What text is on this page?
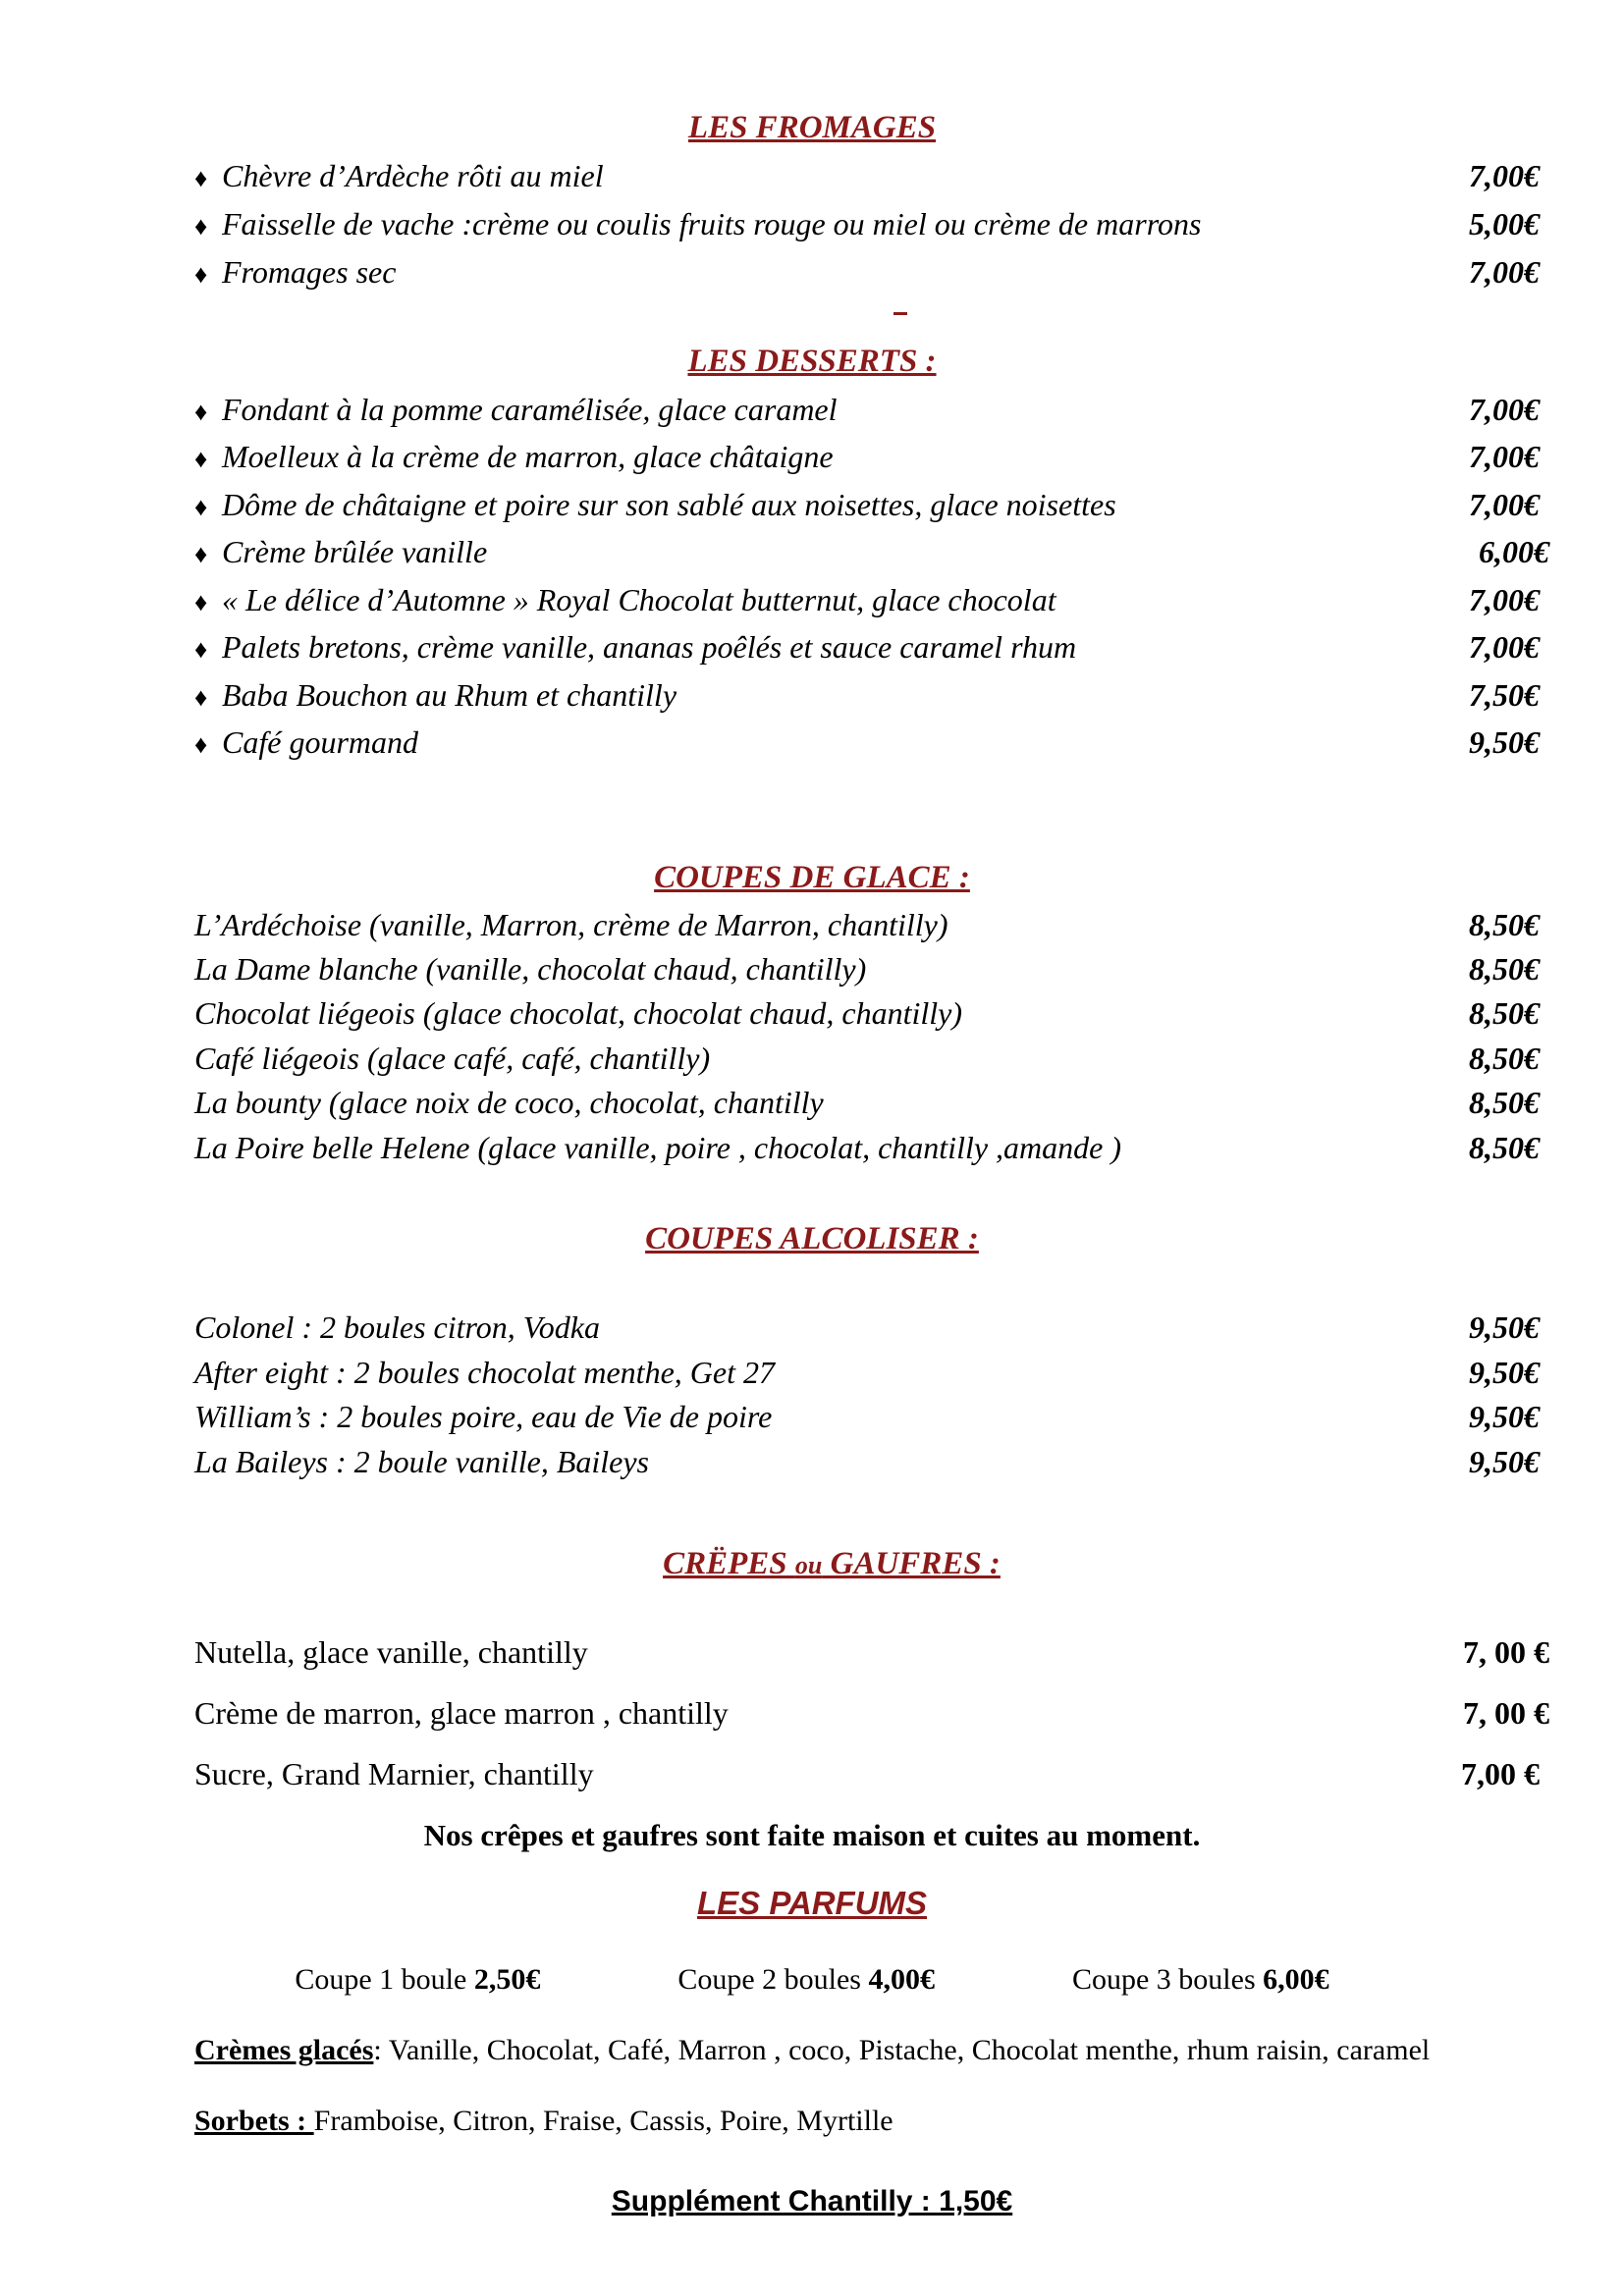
LES FROMAGES
♦Chèvre d’Ardèche rôti au miel	7,00€
♦ Faisselle de vache :crème ou coulis fruits rouge ou miel ou crème de marrons	5,00€
♦ Fromages sec	7,00€
LES DESSERTS :
♦ Fondant à la pomme caramélisée, glace caramel	7,00€
♦ Moelleux à la crème de marron, glace châtaigne	7,00€
♦ Dôme de châtaigne et poire sur son sablé aux noisettes, glace noisettes	7,00€
♦ Crème brûlée vanille	6,00€
♦ « Le délice d’Automne » Royal Chocolat butternut, glace chocolat	7,00€
♦ Palets bretons, crème vanille, ananas poêlés et sauce caramel rhum	7,00€
♦ Baba Bouchon au Rhum et chantilly	7,50€
♦ Café gourmand	9,50€
COUPES DE GLACE :
L’Ardéchoise (vanille, Marron, crème de Marron, chantilly)	8,50€
La Dame blanche (vanille, chocolat chaud, chantilly)	8,50€
Chocolat liégeois (glace chocolat, chocolat chaud, chantilly)	8,50€
Café liégeois (glace café, café, chantilly)	8,50€
La bounty (glace noix de coco, chocolat, chantilly	8,50€
La Poire belle Helene (glace vanille, poire , chocolat, chantilly ,amande )	8,50€
COUPES ALCOLISER :
Colonel : 2 boules citron, Vodka	9,50€
After eight : 2 boules chocolat menthe, Get 27	9,50€
William’s : 2 boules poire, eau de Vie de poire	9,50€
La Baileys : 2 boule vanille, Baileys	9,50€
CRËPES ou GAUFRES :
Nutella, glace vanille, chantilly	7, 00 €
Crème de marron, glace marron , chantilly	7, 00 €
Sucre, Grand Marnier, chantilly	7,00 €
Nos crêpes et gaufres sont faite maison et cuites au moment.
LES PARFUMS
Coupe 1 boule 2,50€	Coupe 2 boules 4,00€	Coupe 3 boules 6,00€
Crèmes glacés: Vanille, Chocolat, Café, Marron , coco, Pistache, Chocolat menthe, rhum raisin, caramel
Sorbets : Framboise, Citron, Fraise, Cassis, Poire, Myrtille
Supplément Chantilly : 1,50€
